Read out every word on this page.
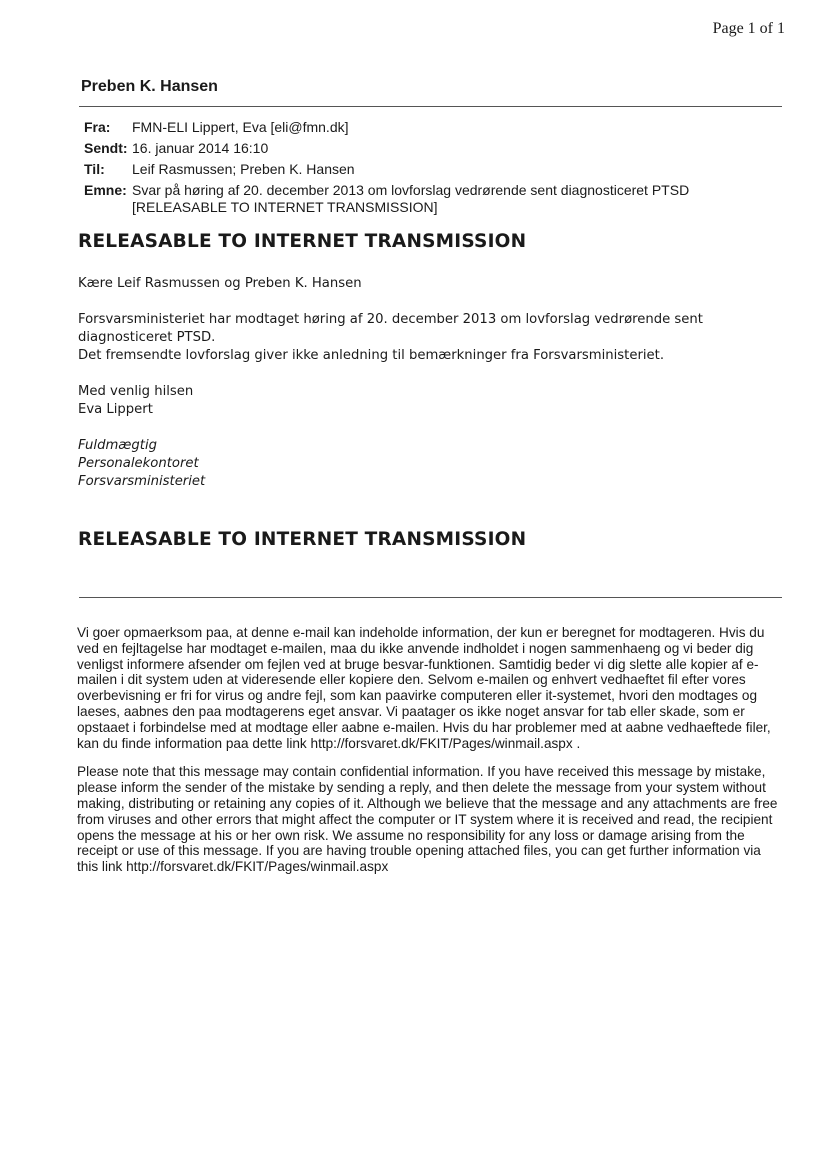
Page 1 of 1
Preben K. Hansen
Fra:	FMN-ELI Lippert, Eva [eli@fmn.dk]
Sendt: 16. januar 2014 16:10
Til:	Leif Rasmussen; Preben K. Hansen
Emne: Svar på høring af 20. december 2013 om lovforslag vedrørende sent diagnosticeret PTSD [RELEASABLE TO INTERNET TRANSMISSION]
RELEASABLE TO INTERNET TRANSMISSION

Kære Leif Rasmussen og Preben K. Hansen

Forsvarsministeriet har modtaget høring af 20. december 2013 om lovforslag vedrørende sent diagnosticeret PTSD.

Det fremsendte lovforslag giver ikke anledning til bemærkninger fra Forsvarsministeriet.

Med venlig hilsen

Eva Lippert

Fuldmægtig

Personalekontoret

Forsvarsministeriet

RELEASABLE TO INTERNET TRANSMISSION

Vi goer opmaerksom paa, at denne e-mail kan indeholde information, der kun er beregnet for modtageren. Hvis du ved en fejltagelse har modtaget e-mailen, maa du ikke anvende indholdet i nogen sammenhaeng og vi beder dig venligst informere afsender om fejlen ved at bruge besvar-funktionen. Samtidig beder vi dig slette alle kopier af e-mailen i dit system uden at videresende eller kopiere den. Selvom e-mailen og enhvert vedhaeftet fil efter vores overbevisning er fri for virus og andre fejl, som kan paavirke computeren eller it-systemet, hvori den modtages og laeses, aabnes den paa modtagerens eget ansvar. Vi paatager os ikke noget ansvar for tab eller skade, som er opstaaet i forbindelse med at modtage eller aabne e-mailen. Hvis du har problemer med at aabne vedhaeftede filer, kan du finde information paa dette link http://forsvaret.dk/FKIT/Pages/winmail.aspx .

Please note that this message may contain confidential information. If you have received this message by mistake, please inform the sender of the mistake by sending a reply, and then delete the message from your system without making, distributing or retaining any copies of it. Although we believe that the message and any attachments are free from viruses and other errors that might affect the computer or IT system where it is received and read, the recipient opens the message at his or her own risk. We assume no responsibility for any loss or damage arising from the receipt or use of this message. If you are having trouble opening attached files, you can get further information via this link http://forsvaret.dk/FKIT/Pages/winmail.aspx
